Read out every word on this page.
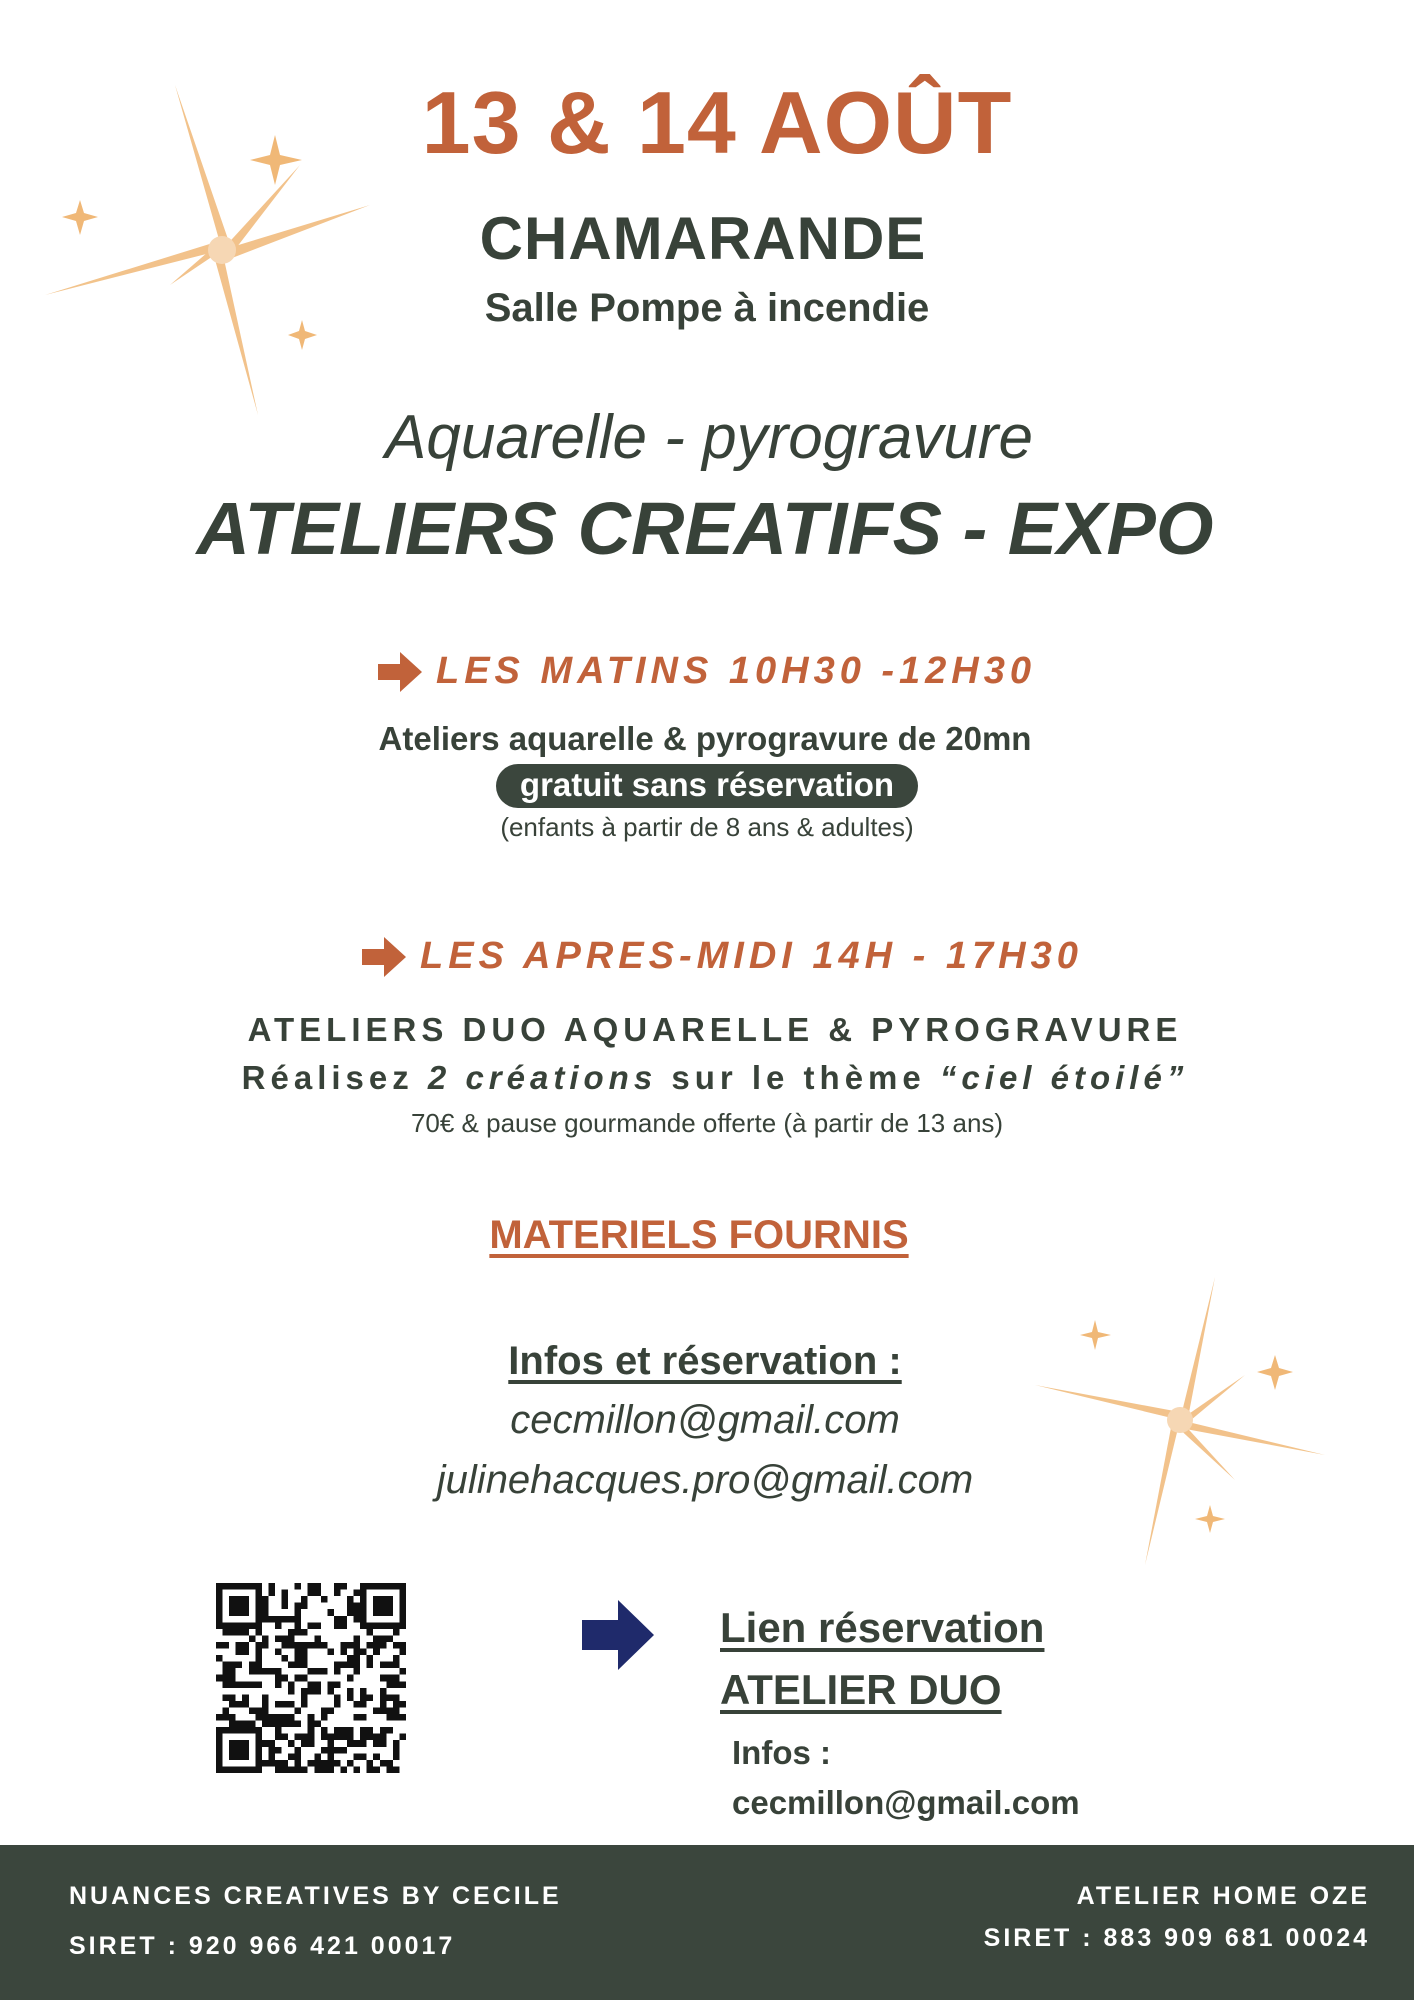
13 & 14 AOÛT
CHAMARANDE
Salle Pompe à incendie
Aquarelle - pyrogravure
ATELIERS CREATIFS - EXPO
LES MATINS 10H30 -12H30
Ateliers aquarelle & pyrogravure de 20mn
gratuit sans réservation
(enfants à partir de 8 ans & adultes)
LES APRES-MIDI 14H - 17H30
ATELIERS DUO AQUARELLE & PYROGRAVURE
Réalisez 2 créations sur le thème “ciel étoilé”
70€ & pause gourmande offerte (à partir de 13 ans)
MATERIELS FOURNIS
Infos et réservation :
cecmillon@gmail.com
julinehacques.pro@gmail.com
Lien réservation
ATELIER DUO
Infos :
cecmillon@gmail.com
NUANCES CREATIVES BY CECILE
SIRET : 920 966 421 00017
ATELIER HOME OZE
SIRET : 883 909 681 00024
